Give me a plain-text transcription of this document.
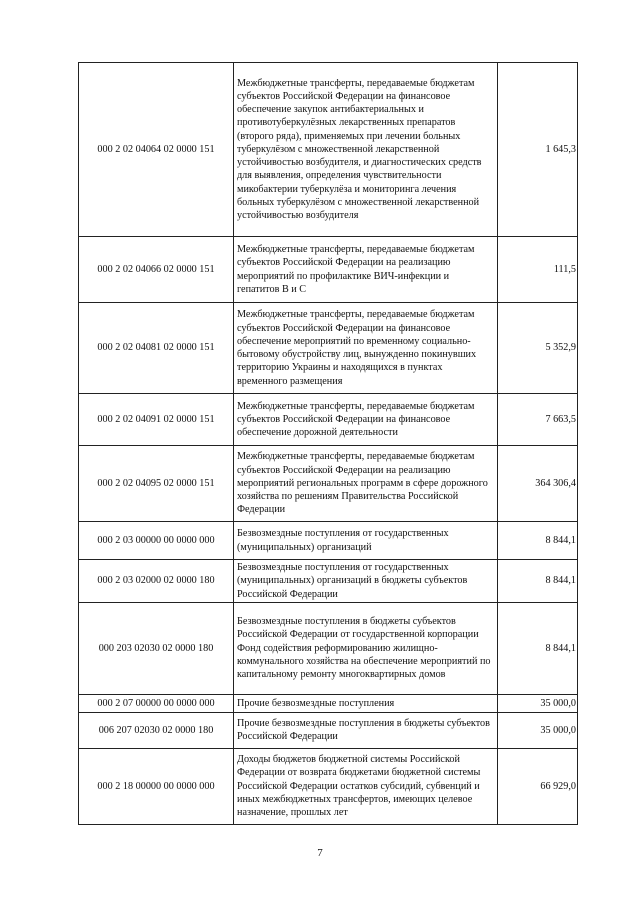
000 2 02 04064 02 0000 151	Межбюджетные трансферты, передаваемые бюджетам субъектов Российской Федерации на финансовое обеспечение закупок антибактериальных и противотуберкулёзных лекарственных препаратов (второго ряда), применяемых при лечении больных туберкулёзом с множественной лекарственной устойчивостью возбудителя, и диагностических средств для выявления, определения чувствительности микобактерии туберкулёза и мониторинга лечения больных туберкулёзом с множественной лекарственной устойчивостью возбудителя	1 645,3
000 2 02 04066 02 0000 151	Межбюджетные трансферты, передаваемые бюджетам субъектов Российской Федерации на реализацию мероприятий по профилактике ВИЧ-инфекции и гепатитов В и С	111,5
000 2 02 04081 02 0000 151	Межбюджетные трансферты, передаваемые бюджетам субъектов Российской Федерации на финансовое обеспечение мероприятий по временному социально-бытовому обустройству лиц, вынужденно покинувших территорию Украины и находящихся в пунктах временного размещения	5 352,9
000 2 02 04091 02 0000 151	Межбюджетные трансферты, передаваемые бюджетам субъектов Российской Федерации на финансовое обеспечение дорожной деятельности	7 663,5
000 2 02 04095 02 0000 151	Межбюджетные трансферты, передаваемые бюджетам субъектов Российской Федерации на реализацию мероприятий региональных программ в сфере дорожного хозяйства по решениям Правительства Российской Федерации	364 306,4
000 2 03 00000 00 0000 000	Безвозмездные поступления от государственных (муниципальных) организаций	8 844,1
000 2 03 02000 02 0000 180	Безвозмездные поступления от государственных (муниципальных) организаций в бюджеты субъектов Российской Федерации	8 844,1
000 203 02030 02 0000 180	Безвозмездные поступления в бюджеты субъектов Российской Федерации от государственной корпорации Фонд содействия реформированию жилищно-коммунального хозяйства на обеспечение мероприятий по капитальному ремонту многоквартирных домов	8 844,1
000 2 07 00000 00 0000 000	Прочие безвозмездные поступления	35 000,0
006 207 02030 02 0000 180	Прочие безвозмездные поступления в бюджеты субъектов Российской Федерации	35 000,0
000 2 18 00000 00 0000 000	Доходы бюджетов бюджетной системы Российской Федерации от возврата бюджетами бюджетной системы Российской Федерации остатков субсидий, субвенций и иных межбюджетных трансфертов, имеющих целевое назначение, прошлых лет	66 929,0
7
